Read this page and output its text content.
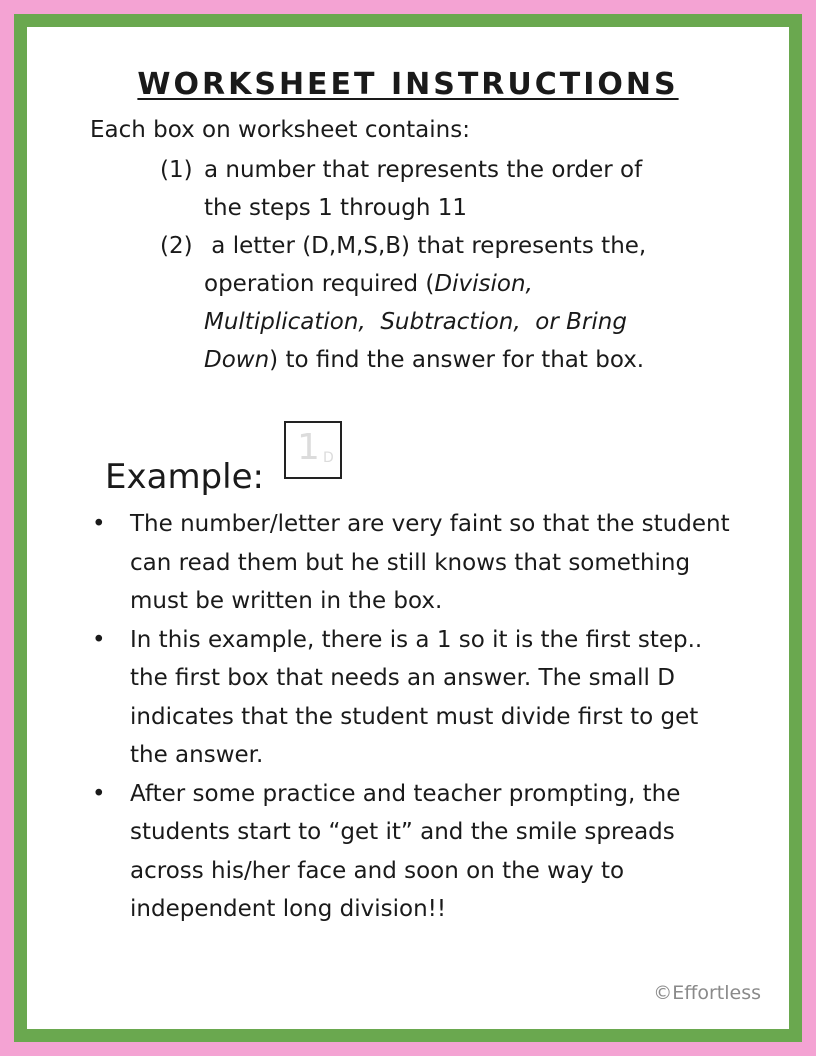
WORKSHEET INSTRUCTIONS

Each box on worksheet contains:

(1) a number that represents the order of
the steps 1 through 11
(2) a letter (D,M,S,B) that represents the,
operation required (Division,
Multiplication,  Subtraction,  or Bring
Down) to find the answer for that box.
Example:
1 D
• The number/letter are very faint so that the student can read them but he still knows that something must be written in the box.
• In this example, there is a 1 so it is the first step.. the first box that needs an answer. The small D indicates that the student must divide first to get the answer.
• After some practice and teacher prompting, the students start to “get it” and the smile spreads across his/her face and soon on the way to independent long division!!
©Effortless
